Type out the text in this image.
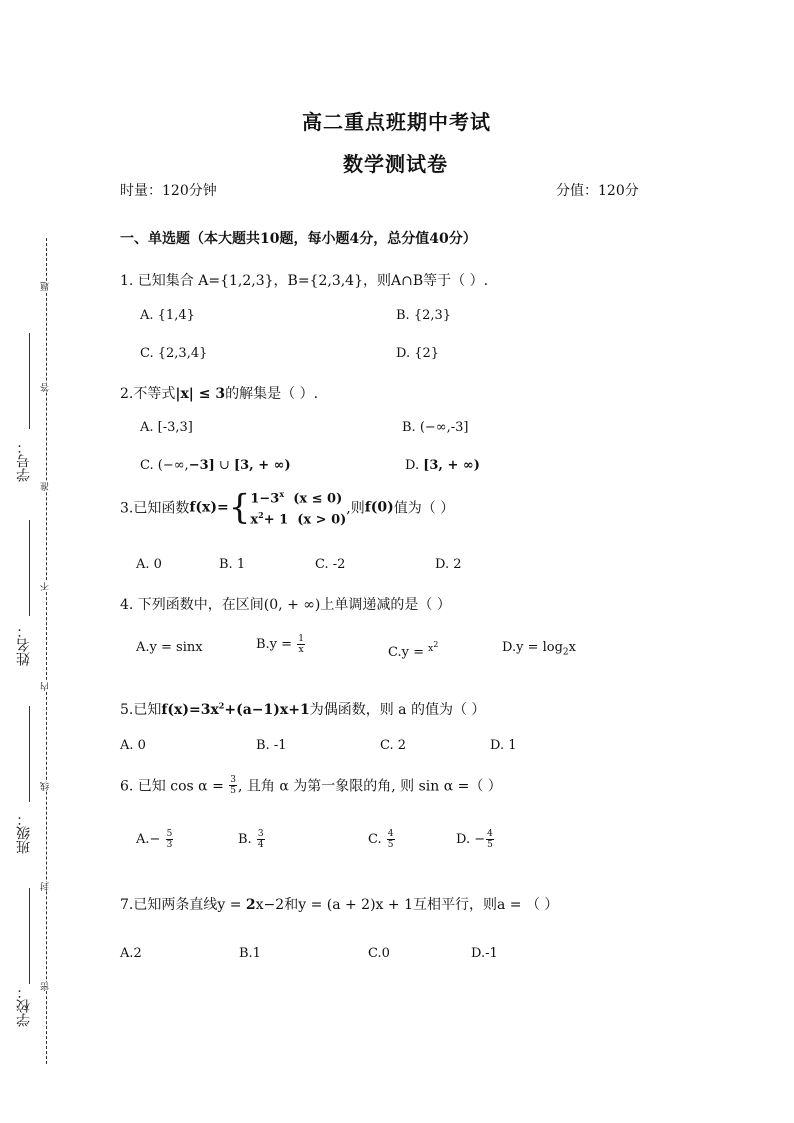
高二重点班期中考试
数学测试卷
时量：120分钟	分值：120分
一、单选题（本大题共10题，每小题4分，总分值40分）
1. 已知集合 A={1,2,3}，B={2,3,4}，则A∩B等于（ ）.
A. {1,4}	B. {2,3}
C. {2,3,4}	D. {2}
2.不等式|x| ≤ 3的解集是（ ）.
A. [-3,3]	B. (−∞,-3]
C. (−∞,−3] ∪ [3, + ∞)	D. [3, + ∞)
3.已知函数f(x)={ $1-3^x$ (x ≤ 0)
$x^2+ 1$ (x > 0)
,则f(0)值为（ ）
A. 0	B. 1	C. -2	D. 2
4. 下列函数中，在区间(0, + ∞)上单调递减的是（ ）
A.y = sinx	$B.y = \frac{1}{x}$	C.y = $^{x2}$	$D.y = \log_2x$
5.已知$f(x)=3x^2+(a-1)x+1$为偶函数，则 a 的值为（ ）
A. 0	B. -1	C. 2	D. 1
6. 已知 $\cos \alpha = \frac{3}{5}$ , 且角 α 为第一象限的角, 则 sin α =（ ）
$A.- \frac{5}{3}$	B. $\frac{3}{4}$	C. $\frac{4}{5}$	D. − $\frac{4}{5}$
7.已知两条直线y = 2x−2和y = (a + 2)x + 1互相平行，则a = （ ）
A.2	B.1	C.0	D.-1
学号：
姓名：
班级：
学校：
题
答
准
不
内
线
封
密
